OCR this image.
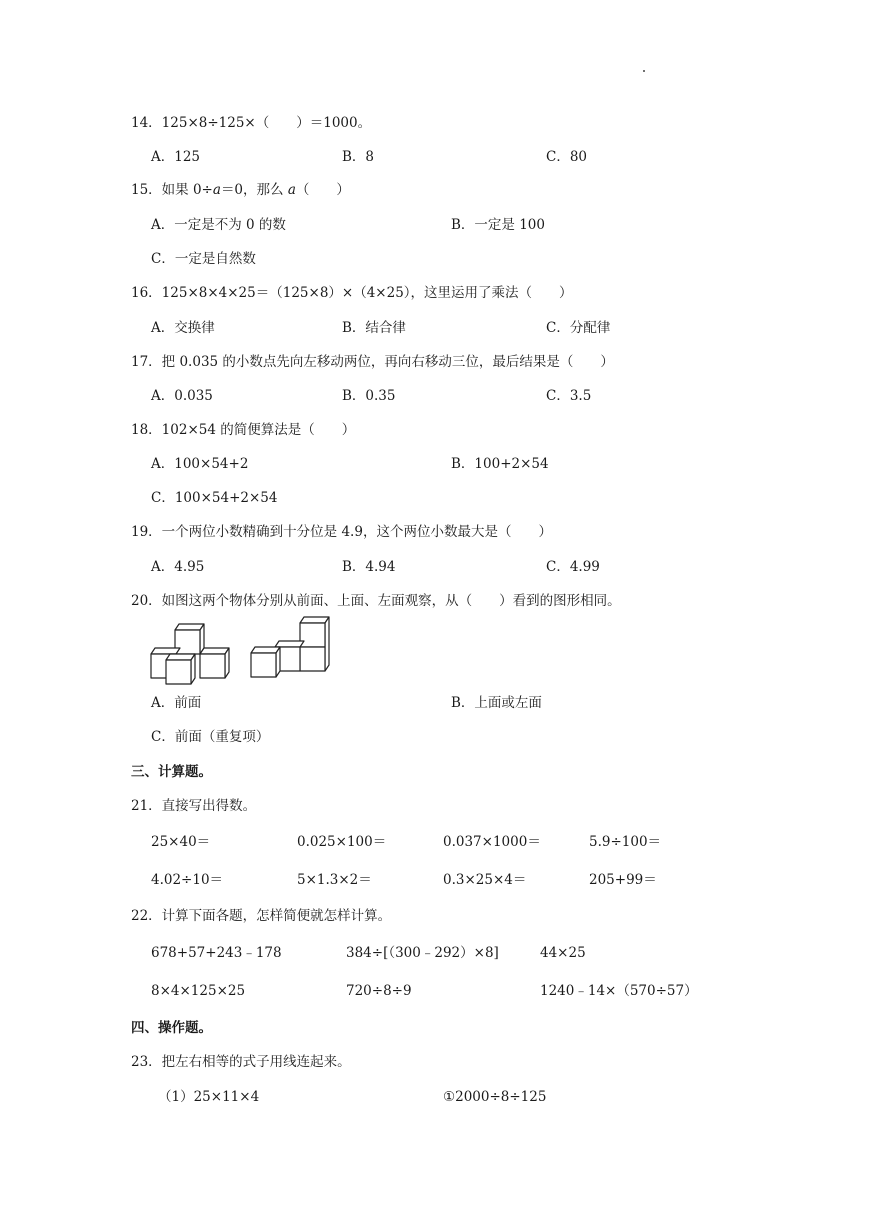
14．125×8÷125×（　　）＝1000。
A．125	B．8	C．80
15．如果 0÷a＝0，那么 a（　　）
A．一定是不为 0 的数	B．一定是 100
C．一定是自然数
16．125×8×4×25＝（125×8）×（4×25），这里运用了乘法（　　）
A．交换律	B．结合律	C．分配律
17．把 0.035 的小数点先向左移动两位，再向右移动三位，最后结果是（　　）
A．0.035	B．0.35	C．3.5
18．102×54 的简便算法是（　　）
A．100×54+2	B．100+2×54
C．100×54+2×54
19．一个两位小数精确到十分位是 4.9，这个两位小数最大是（　　）
A．4.95	B．4.94	C．4.99
20．如图这两个物体分别从前面、上面、左面观察，从（　　）看到的图形相同。
A．前面	B．上面或左面
C．前面（重复项）
三、计算题。
21．直接写出得数。
25×40＝	0.025×100＝	0.037×1000＝	5.9÷100＝
4.02÷10＝	5×1.3×2＝	0.3×25×4＝	205+99＝
22．计算下面各题，怎样简便就怎样计算。
678+57+243﹣178	384÷[（300﹣292）×8]	44×25
8×4×125×25	720÷8÷9	1240﹣14×（570÷57）
四、操作题。
23．把左右相等的式子用线连起来。
（1）25×11×4	①2000÷8÷125
